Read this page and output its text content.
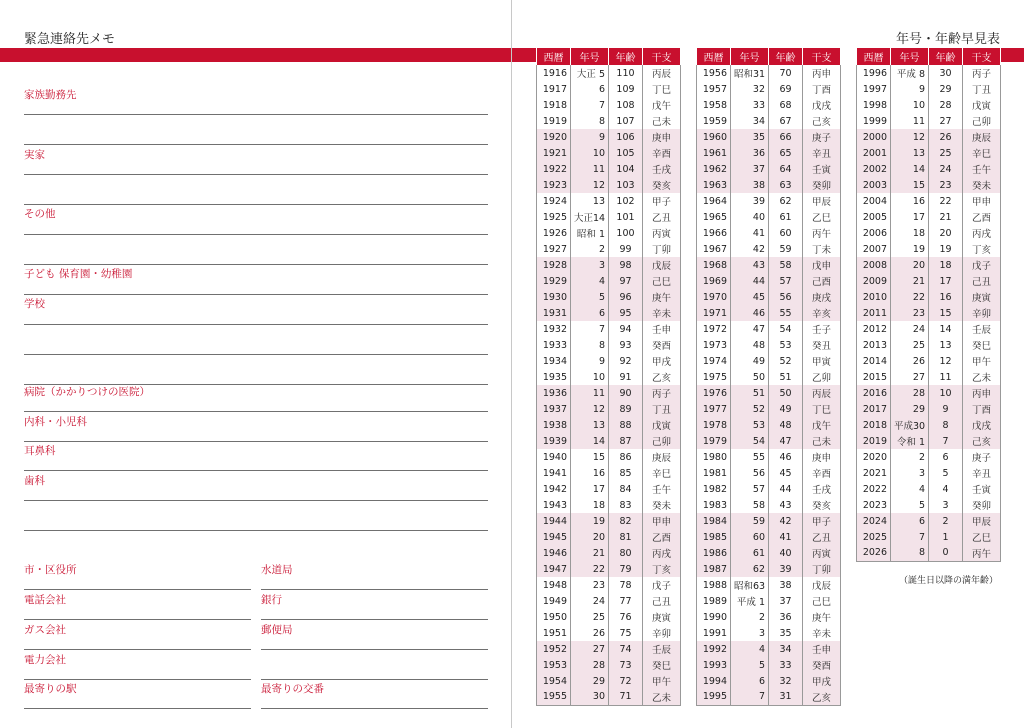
緊急連絡先メモ	年号・年齢早見表
家族勤務先
実家
その他
子ども 保育園・幼稚園
学校
病院（かかりつけの医院）
内科・小児科
耳鼻科
歯科
市・区役所	水道局
電話会社	銀行
ガス会社	郵便局
電力会社
最寄りの駅	最寄りの交番
西暦	年号	年齢	干支
1916	大正 5	110	丙辰
1917	6	109	丁巳
1918	7	108	戊午
1919	8	107	己未
1920	9	106	庚申
1921	10	105	辛酉
1922	11	104	壬戌
1923	12	103	癸亥
1924	13	102	甲子
1925	大正14	101	乙丑
1926	昭和 1	100	丙寅
1927	2	99	丁卯
1928	3	98	戊辰
1929	4	97	己巳
1930	5	96	庚午
1931	6	95	辛未
1932	7	94	壬申
1933	8	93	癸酉
1934	9	92	甲戌
1935	10	91	乙亥
1936	11	90	丙子
1937	12	89	丁丑
1938	13	88	戊寅
1939	14	87	己卯
1940	15	86	庚辰
1941	16	85	辛巳
1942	17	84	壬午
1943	18	83	癸未
1944	19	82	甲申
1945	20	81	乙酉
1946	21	80	丙戌
1947	22	79	丁亥
1948	23	78	戊子
1949	24	77	己丑
1950	25	76	庚寅
1951	26	75	辛卯
1952	27	74	壬辰
1953	28	73	癸巳
1954	29	72	甲午
1955	30	71	乙未
西暦	年号	年齢	干支
1956	昭和31	70	丙申
1957	32	69	丁酉
1958	33	68	戊戌
1959	34	67	己亥
1960	35	66	庚子
1961	36	65	辛丑
1962	37	64	壬寅
1963	38	63	癸卯
1964	39	62	甲辰
1965	40	61	乙巳
1966	41	60	丙午
1967	42	59	丁未
1968	43	58	戊申
1969	44	57	己酉
1970	45	56	庚戌
1971	46	55	辛亥
1972	47	54	壬子
1973	48	53	癸丑
1974	49	52	甲寅
1975	50	51	乙卯
1976	51	50	丙辰
1977	52	49	丁巳
1978	53	48	戊午
1979	54	47	己未
1980	55	46	庚申
1981	56	45	辛酉
1982	57	44	壬戌
1983	58	43	癸亥
1984	59	42	甲子
1985	60	41	乙丑
1986	61	40	丙寅
1987	62	39	丁卯
1988	昭和63	38	戊辰
1989	平成 1	37	己巳
1990	2	36	庚午
1991	3	35	辛未
1992	4	34	壬申
1993	5	33	癸酉
1994	6	32	甲戌
1995	7	31	乙亥
西暦	年号	年齢	干支
1996	平成 8	30	丙子
1997	9	29	丁丑
1998	10	28	戊寅
1999	11	27	己卯
2000	12	26	庚辰
2001	13	25	辛巳
2002	14	24	壬午
2003	15	23	癸未
2004	16	22	甲申
2005	17	21	乙酉
2006	18	20	丙戌
2007	19	19	丁亥
2008	20	18	戊子
2009	21	17	己丑
2010	22	16	庚寅
2011	23	15	辛卯
2012	24	14	壬辰
2013	25	13	癸巳
2014	26	12	甲午
2015	27	11	乙未
2016	28	10	丙申
2017	29	9	丁酉
2018	平成30	8	戊戌
2019	令和 1	7	己亥
2020	2	6	庚子
2021	3	5	辛丑
2022	4	4	壬寅
2023	5	3	癸卯
2024	6	2	甲辰
2025	7	1	乙巳
2026	8	0	丙午
（誕生日以降の満年齢）
